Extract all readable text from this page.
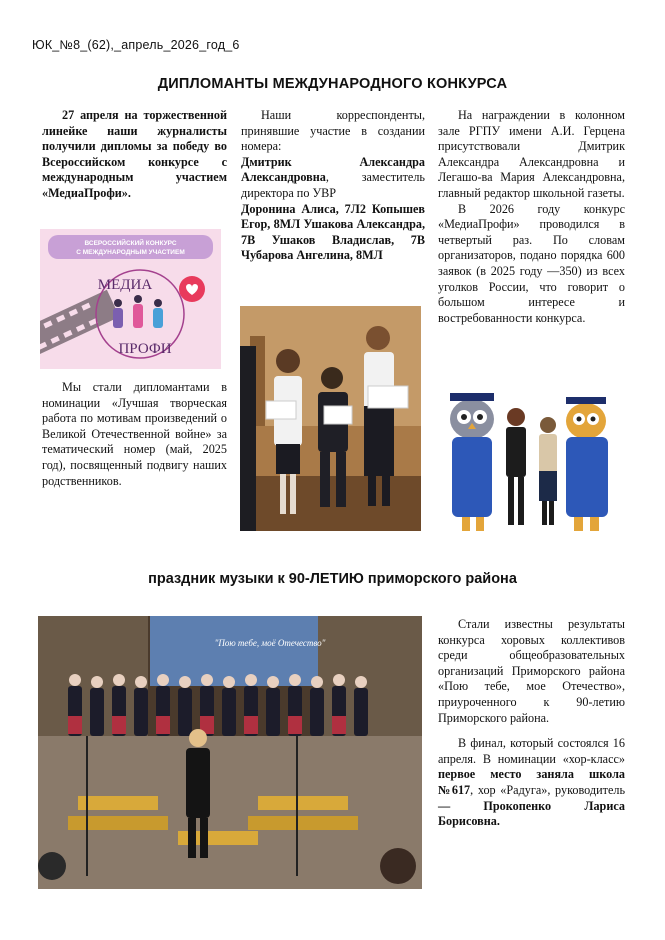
ЮК_№8_(62),_апрель_2026_год_6
ДИПЛОМАНТЫ МЕЖДУНАРОДНОГО КОНКУРСА

27 апреля на торжественной линейке наши журналисты получили дипломы за победу во Всероссийском конкурсе с международным участием «МедиаПрофи».

ВСЕРОССИЙСКИЙ КОНКУРС
С МЕЖДУНАРОДНЫМ УЧАСТИЕМ
МЕДИА
ПРОФИ

Мы стали дипломантами в номинации «Лучшая творческая работа по мотивам произведений о Великой Отечественной войне» за тематический номер (май, 2025 год), посвященный подвигу наших родственников.

Наши корреспонденты, принявшие участие в создании номера:

Дмитрик Александра Александровна, заместитель директора по УВР

Доронина Алиса, 7Л2 Копышев Егор, 8МЛ Ушакова Александра, 7В Ушаков Владислав, 7В Чубарова Ангелина, 8МЛ

На награждении в колонном зале РГПУ имени А.И. Герцена присутствовали Дмитрик Александра Александровна и Легашо-ва Мария Александровна, главный редактор школьной газеты.

В 2026 году конкурс «МедиаПрофи» проводился в четвертый раз. По словам организаторов, подано порядка 600 заявок (в 2025 году —350) из всех уголков России, что говорит о большом интересе и востребованности конкурса.

праздник музыки к 90-ЛЕТИЮ приморского района
"Пою тебе, моё Отечество"

Стали известны результаты конкурса хоровых коллективов среди общеобразовательных организаций Приморского района «Пою тебе, мое Отечество», приуроченного к 90-летию Приморского района.

В финал, который состоялся 16 апреля. В номинации «хор-класс» первое место заняла школа №617, хор «Радуга», руководитель — Прокопенко Лариса Борисовна.
